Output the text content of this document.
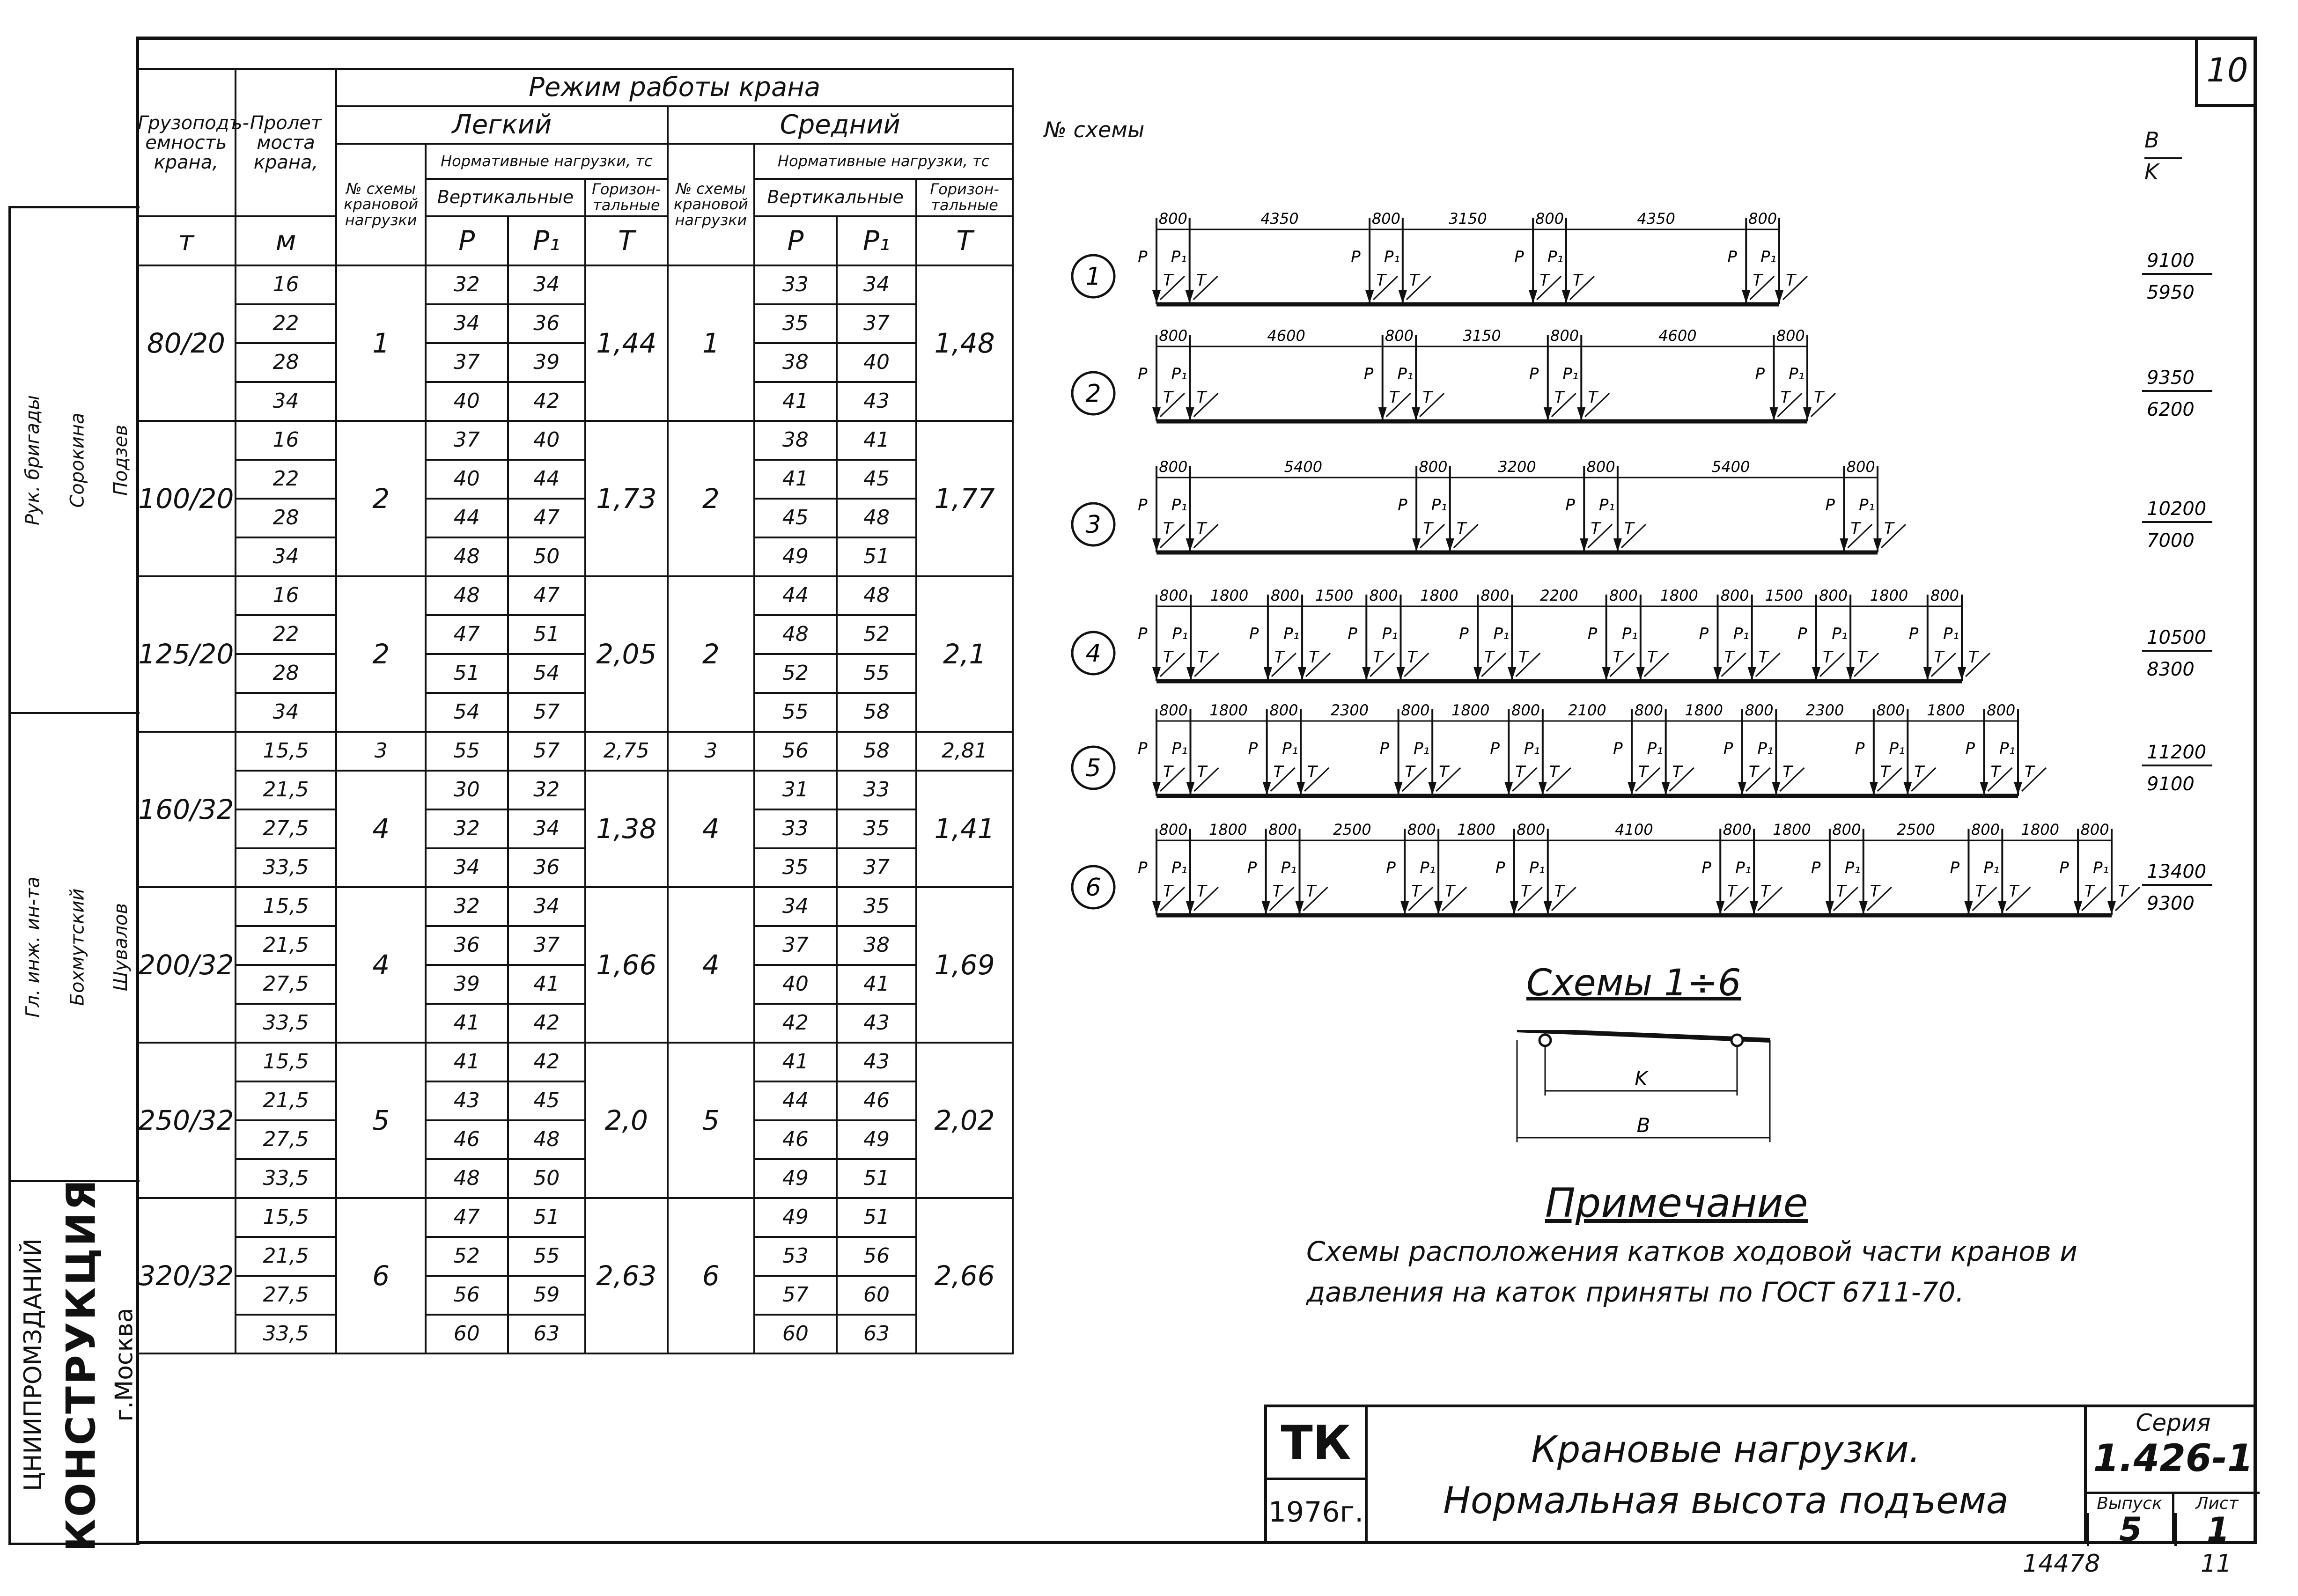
10
Рук. бригады Сорокина Подзев
Гл. инж. ин-та Бохмутский Шувалов
ЦНИИПРОМЗДАНИЙ КОНСТРУКЦИЯ г.Москва
Грузоподъ-емность крана,	Пролет моста крана,	Режим работы крана							
		Легкий				Средний			
		№ схемы крановой нагрузки	Нормативные нагрузки, тс			№ схемы крановой нагрузки	Нормативные нагрузки, тс		
			Вертикальные		Горизон-тальные		Вертикальные		Горизон-тальные
т	м		P	P₁	T		P	P₁	T
80/20	16	1	32	34	1,44	1	33	34	1,48
	22		34	36			35	37	
	28		37	39			38	40	
	34		40	42			41	43	
100/20	16	2	37	40	1,73	2	38	41	1,77
	22		40	44			41	45	
	28		44	47			45	48	
	34		48	50			49	51	
125/20	16	2	48	47	2,05	2	44	48	2,1
	22		47	51			48	52	
	28		51	54			52	55	
	34		54	57			55	58	
160/32	15,5	3	55	57	2,75	3	56	58	2,81
	21,5	4	30	32	1,38	4	31	33	1,41
	27,5		32	34			33	35	
	33,5		34	36			35	37	
200/32	15,5	4	32	34	1,66	4	34	35	1,69
	21,5		36	37			37	38	
	27,5		39	41			40	41	
	33,5		41	42			42	43	
250/32	15,5	5	41	42	2,0	5	41	43	2,02
	21,5		43	45			44	46	
	27,5		46	48			46	49	
	33,5		48	50			49	51	
320/32	15,5	6	47	51	2,63	6	49	51	2,66
	21,5		52	55			53	56	
	27,5		56	59			57	60	
	33,5		60	63			60	63	
№ схемы	B
K
1
800	4350	800	3150	800	4350	800
T
P
T
P₁
T
P
T
P₁
T
P
T
P₁
T
P
T
P₁	9100
5950
2
800	4600	800	3150	800	4600	800
T
P
T
P₁
T
P
T
P₁
T
P
T
P₁
T
P
T
P₁	9350
6200
3
800	5400	800	3200	800	5400	800
T
P
T
P₁
T
P
T
P₁
T
P
T
P₁
T
P
T
P₁	10200
7000
4
800 1800 800 1500 800 1800 800 2200 800 1800 800 1500 800 1800 800
T
P
T
P₁
T
P
T
P₁
T
P
T
P₁
T
P
T
P₁
T
P
T
P₁
T
P
T
P₁
T
P
T
P₁
T
P
T
P₁	10500
8300
5
800 1800 800 2300 800 1800 800 2100 800 1800 800 2300 800 1800 800
T
P
T
P₁
T
P
T
P₁
T
P
T
P₁
T
P
T
P₁
T
P
T
P₁
T
P
T
P₁
T
P
T
P₁
T
P
T
P₁	11200
9100
6
800 1800 800 2500 800 1800 800	4100	800 1800 800 2500 800 1800 800
T
P
T
P₁
T
P
T
P₁
T
P
T
P₁
T
P
T
P₁
T
P
T
P₁
T
P
T
P₁
T
P
T
P₁
T
P
T
P₁ 13400
9300
Схемы 1÷6
K
B
Примечание
Схемы расположения катков ходовой части кранов и давления на каток приняты по ГОСТ 6711-70.
ТК
1976г.
Крановые нагрузки.
Нормальная высота подъема
Серия
1.426-1
Выпуск
5
Лист
1
14478	11
